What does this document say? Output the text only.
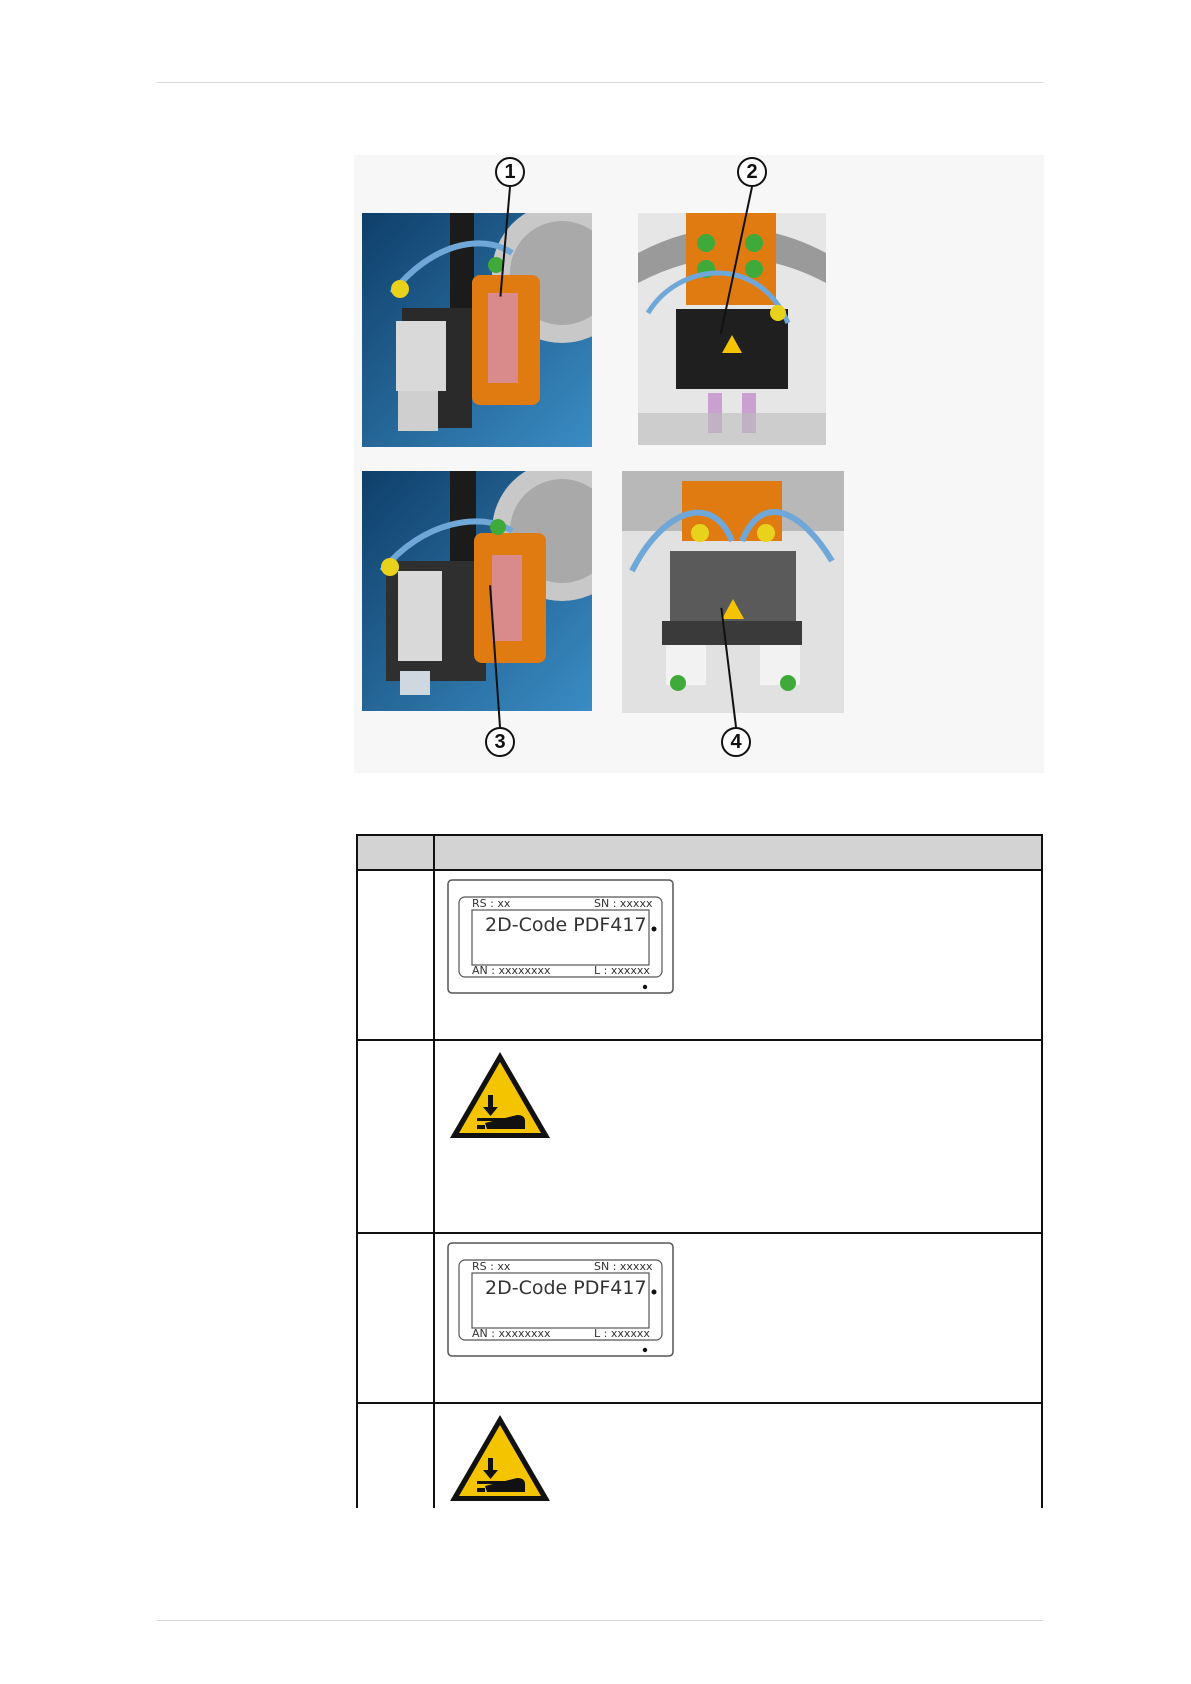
1	2
3	4
RS : xx	SN : xxxxx
2D-Code PDF417
AN : xxxxxxxx	L : xxxxxx
RS : xx	SN : xxxxx
2D-Code PDF417
AN : xxxxxxxx	L : xxxxxx
